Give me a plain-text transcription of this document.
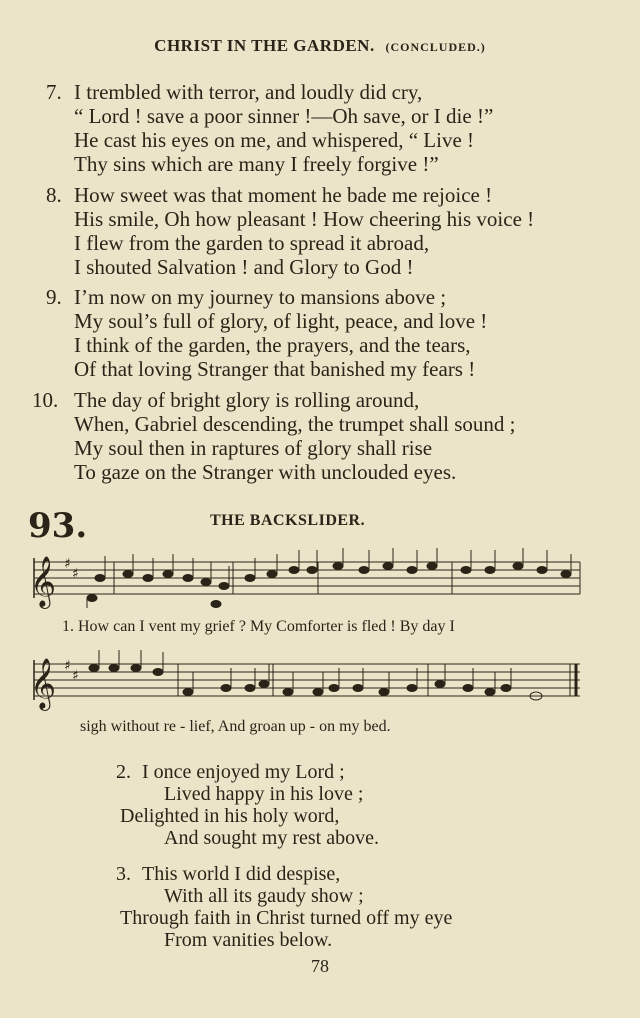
CHRIST IN THE GARDEN. (CONCLUDED.)
7. I trembled with terror, and loudly did cry,
“ Lord ! save a poor sinner !—Oh save, or I die !”
He cast his eyes on me, and whispered, “ Live !
Thy sins which are many I freely forgive !”
8. How sweet was that moment he bade me rejoice !
His smile, Oh how pleasant ! How cheering his voice !
I flew from the garden to spread it abroad,
I shouted Salvation ! and Glory to God !
9. I’m now on my journey to mansions above ;
My soul’s full of glory, of light, peace, and love !
I think of the garden, the prayers, and the tears,
Of that loving Stranger that banished my fears !
10. The day of bright glory is rolling around,
When, Gabriel descending, the trumpet shall sound ;
My soul then in raptures of glory shall rise
To gaze on the Stranger with unclouded eyes.
93.	THE BACKSLIDER.
𝄞 ♯
♯
1. How can I vent my grief ? My Comforter is fled ! By day I
𝄞 ♯
♯
sigh without re - lief, And groan up - on my bed.
2. I once enjoyed my Lord ;
Lived happy in his love ;
Delighted in his holy word,
And sought my rest above.
3. This world I did despise,
With all its gaudy show ;
Through faith in Christ turned off my eye
From vanities below.
78
